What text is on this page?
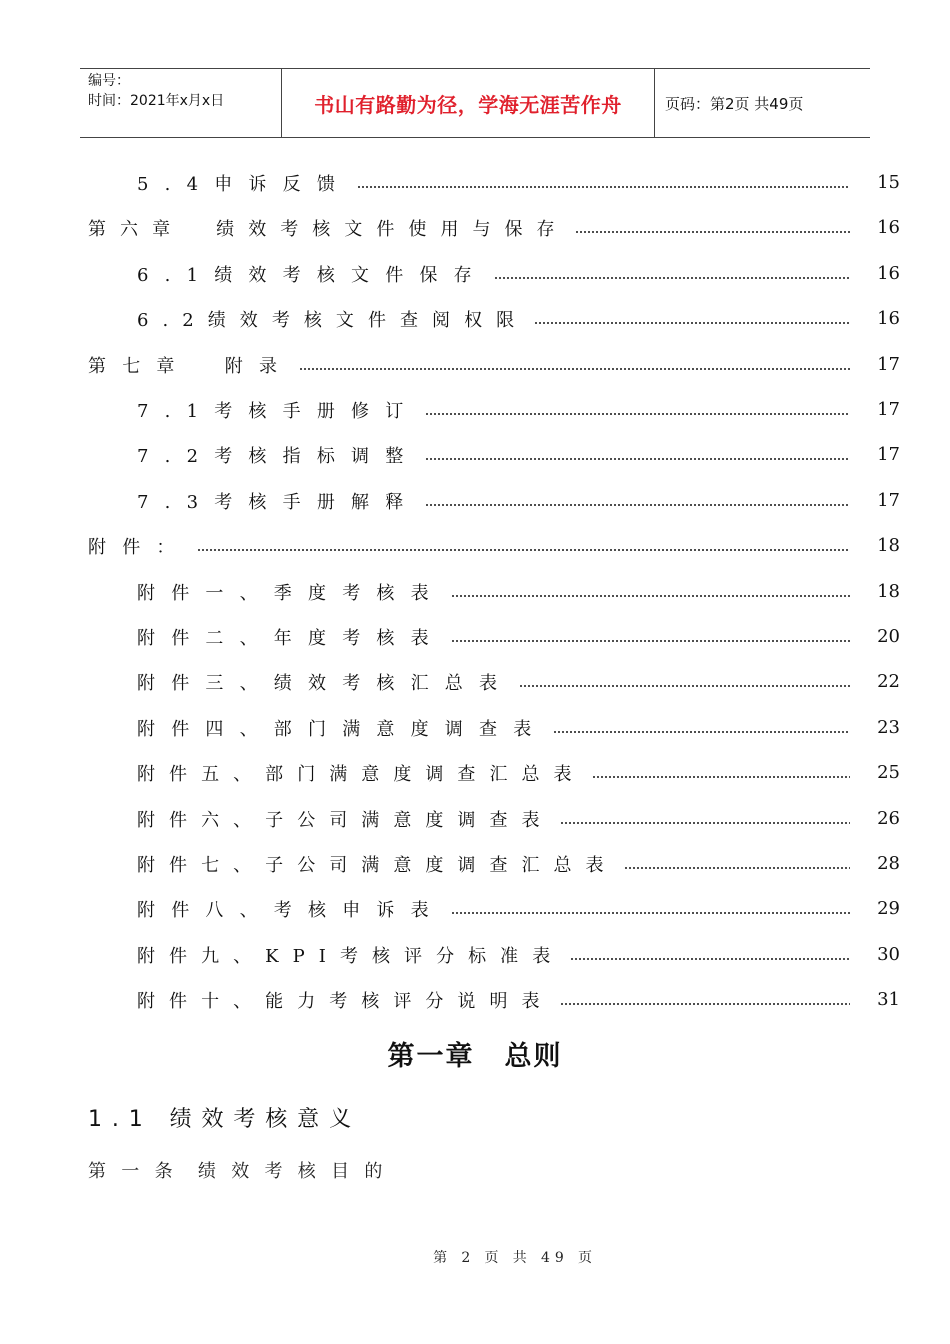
编号：
时间：2021年x月x日	书山有路勤为径，学海无涯苦作舟	页码：第2页 共49页
5.4申诉反馈	15
第六章　绩效考核文件使用与保存	16
6.1绩效考核文件保存	16
6.2绩效考核文件查阅权限	16
第七章　附录	17
7.1考核手册修订	17
7.2考核指标调整	17
7.3考核手册解释	17
附件：	18
附件一、季度考核表	18
附件二、年度考核表	20
附件三、绩效考核汇总表	22
附件四、部门满意度调查表	23
附件五、部门满意度调查汇总表	25
附件六、子公司满意度调查表	26
附件七、子公司满意度调查汇总表	28
附件八、考核申诉表	29
附件九、KPI考核评分标准表	30
附件十、能力考核评分说明表	31
第一章 总则
1.1 绩效考核意义
第一条 绩效考核目的
第 2 页 共 49 页
